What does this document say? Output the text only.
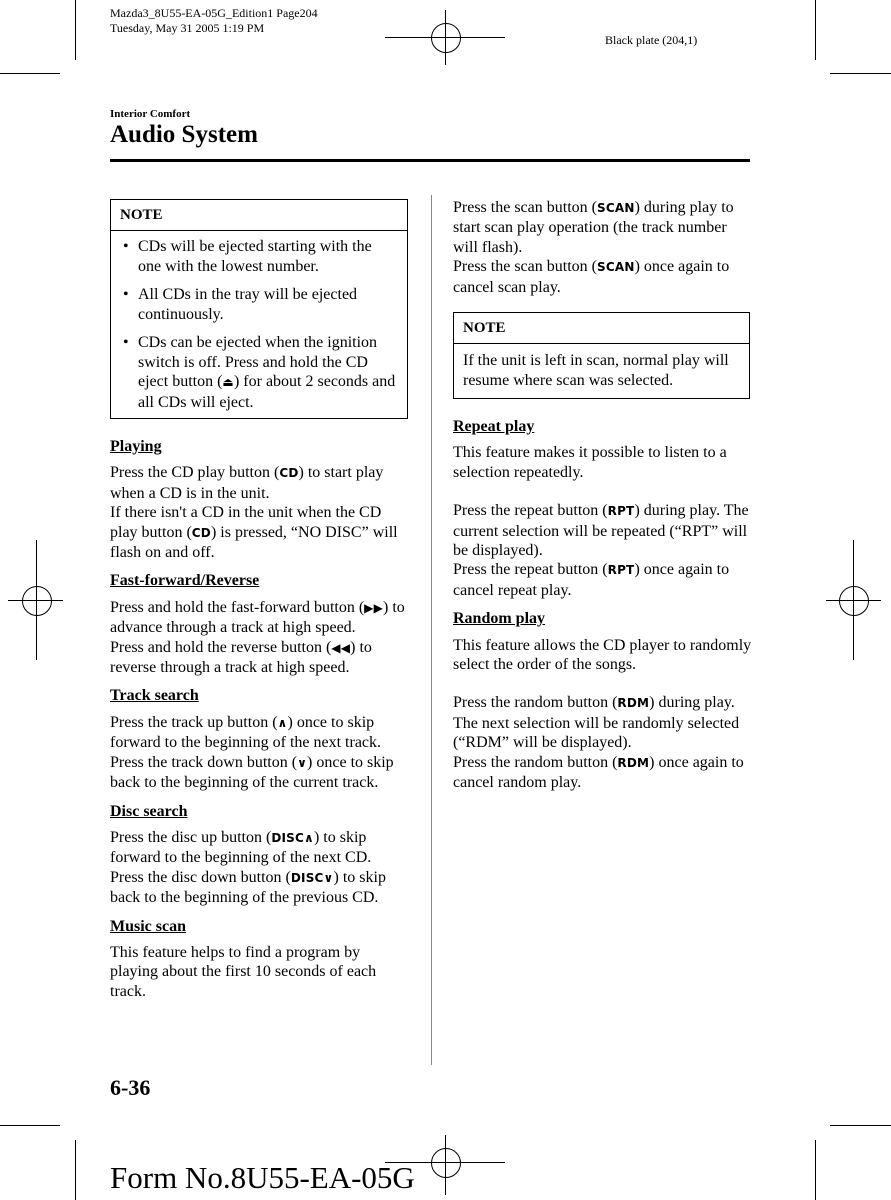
Mazda3_8U55-EA-05G_Edition1 Page204
Tuesday, May 31 2005 1:19 PM
Black plate (204,1)
Interior Comfort
Audio System
NOTE
• CDs will be ejected starting with the one with the lowest number.
• All CDs in the tray will be ejected continuously.
• CDs can be ejected when the ignition switch is off. Press and hold the CD eject button (⏏) for about 2 seconds and all CDs will eject.
Playing

Press the CD play button (CD) to start play when a CD is in the unit.

If there isn't a CD in the unit when the CD play button (CD) is pressed, “NO DISC” will flash on and off.

Fast-forward/Reverse

Press and hold the fast-forward button (▶▶) to advance through a track at high speed.

Press and hold the reverse button (◀◀) to reverse through a track at high speed.

Track search

Press the track up button (∧) once to skip forward to the beginning of the next track.

Press the track down button (∨) once to skip back to the beginning of the current track.

Disc search

Press the disc up button (DISC∧) to skip forward to the beginning of the next CD.

Press the disc down button (DISC∨) to skip back to the beginning of the previous CD.

Music scan

This feature helps to find a program by playing about the first 10 seconds of each track.

Press the scan button (SCAN) during play to start scan play operation (the track number will flash).

Press the scan button (SCAN) once again to cancel scan play.

NOTE
If the unit is left in scan, normal play will resume where scan was selected.
Repeat play

This feature makes it possible to listen to a selection repeatedly.

Press the repeat button (RPT) during play. The current selection will be repeated (“RPT” will be displayed).

Press the repeat button (RPT) once again to cancel repeat play.

Random play

This feature allows the CD player to randomly select the order of the songs.

Press the random button (RDM) during play. The next selection will be randomly selected (“RDM” will be displayed).

Press the random button (RDM) once again to cancel random play.

6-36
Form No.8U55-EA-05G
